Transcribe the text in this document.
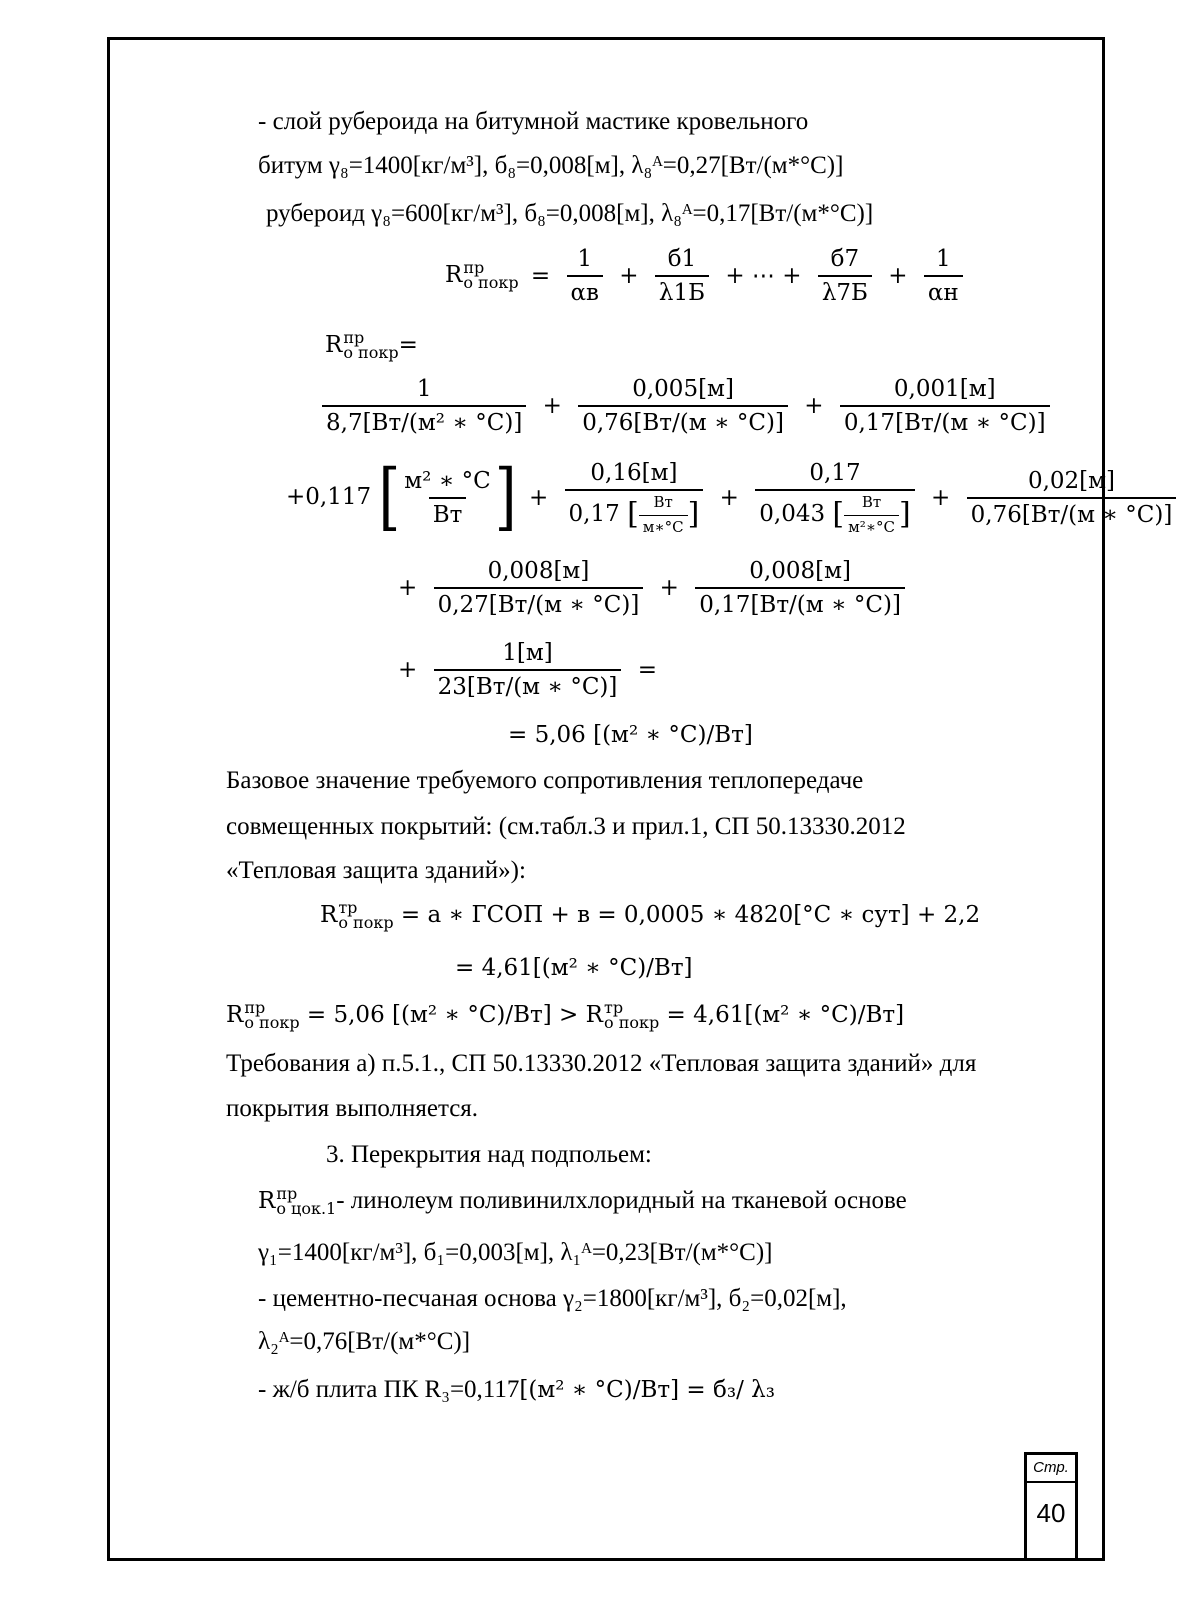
- слой рубероида на битумной мастике кровельного
битум γ₈=1400[кг/м³], б₈=0,008[м], λ₈ᴬ=0,27[Вт/(м*°С)]
рубероид γ₈=600[кг/м³], б₈=0,008[м], λ₈ᴬ=0,17[Вт/(м*°С)]
R пр
о покр = $\frac{1}{\alpha в} + \frac{б1}{\lambda 1Б}$ + ⋯ + $\frac{б7}{\lambda 7Б} + \frac{1}{\alpha н}$
R пр
о покр =
$\frac{1}{\text{8,7[Вт/(м² ∗ °С)]}} + \frac{0,005[м]}{0,76[Вт/(м ∗ ^\circ С)]} + \frac{0,001[м]}{0,17[Вт/(м ∗ ^\circ С)]}$
+0,117 [ $\frac{\text{м² ∗ °С}}{Вт}$ ] + $\frac{0,16[м]}{0,17 [ \frac{Вт}{м∗^\circ С} ]} + \frac{0,17}{0,043 [ \frac{Вт}{\text{м²∗°С}} ]} + \frac{0,02[м]}{0,76[Вт/(м ∗ ^\circ С)]}$
+ $\frac{0,008[м]}{0,27[Вт/(м ∗ ^\circ С)]} + \frac{0,008[м]}{0,17[Вт/(м ∗ ^\circ С)]}$
+ $\frac{1[м]}{23[Вт/(м ∗ ^\circ С)]}$ =
= 5,06 [(м² ∗ °С)/Вт]
Базовое значение требуемого сопротивления теплопередаче
совмещенных покрытий: (см.табл.3 и прил.1, СП 50.13330.2012
«Тепловая защита зданий»):
R тр
о покр = а ∗ ГСОП + в = 0,0005 ∗ 4820[°С ∗ сут] + 2,2
= 4,61[(м² ∗ °С)/Вт]
R пр
о покр = 5,06 [(м² ∗ °С)/Вт] > R тр
о покр = 4,61[(м² ∗ °С)/Вт]
Требования а) п.5.1., СП 50.13330.2012 «Тепловая защита зданий» для
покрытия выполняется.
3. Перекрытия над подпольем:
R пр
о цок.1 - линолеум поливинилхлоридный на тканевой основе
γ₁=1400[кг/м³], б₁=0,003[м], λ₁ᴬ=0,23[Вт/(м*°С)]
- цементно-песчаная основа γ₂=1800[кг/м³], б₂=0,02[м],
λ₂ᴬ=0,76[Вт/(м*°С)]
- ж/б плита ПК R₃=0,117[(м² ∗ °С)/Вт] = б₃/ λ₃
Стр.
40
